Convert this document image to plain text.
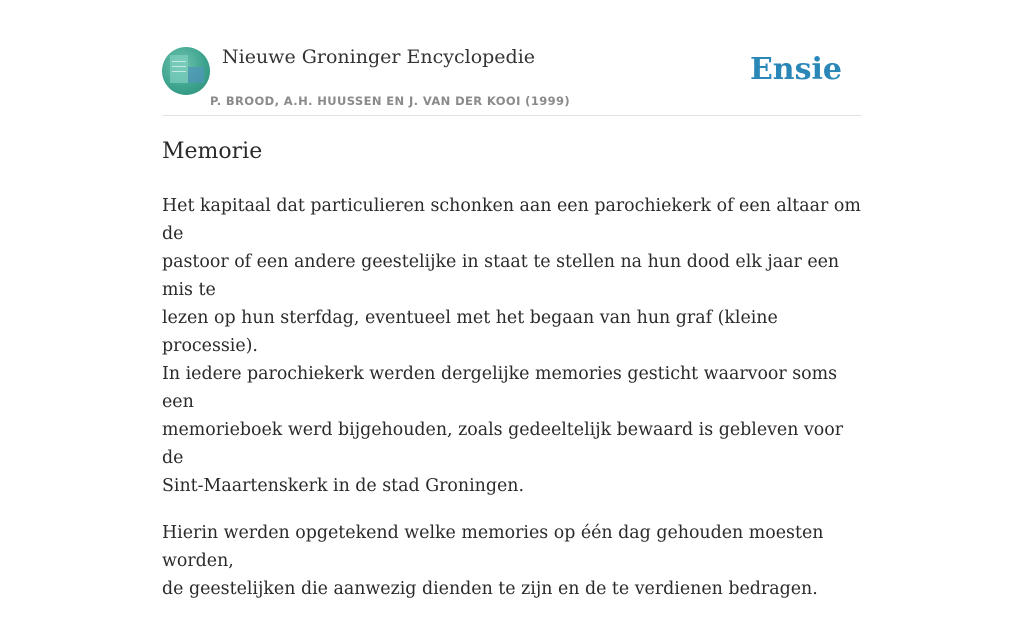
Nieuwe Groninger Encyclopedie
P. BROOD, A.H. HUUSSEN EN J. VAN DER KOOI (1999)
Ensie
Memorie

Het kapitaal dat particulieren schonken aan een parochiekerk of een altaar om de
pastoor of een andere geestelijke in staat te stellen na hun dood elk jaar een mis te
lezen op hun sterfdag, eventueel met het begaan van hun graf (kleine processie).
In iedere parochiekerk werden dergelijke memories gesticht waarvoor soms een
memorieboek werd bijgehouden, zoals gedeeltelijk bewaard is gebleven voor de
Sint-Maartenskerk in de stad Groningen.

Hierin werden opgetekend welke memories op één dag gehouden moesten worden,
de geestelijken die aanwezig dienden te zijn en de te verdienen bedragen.
